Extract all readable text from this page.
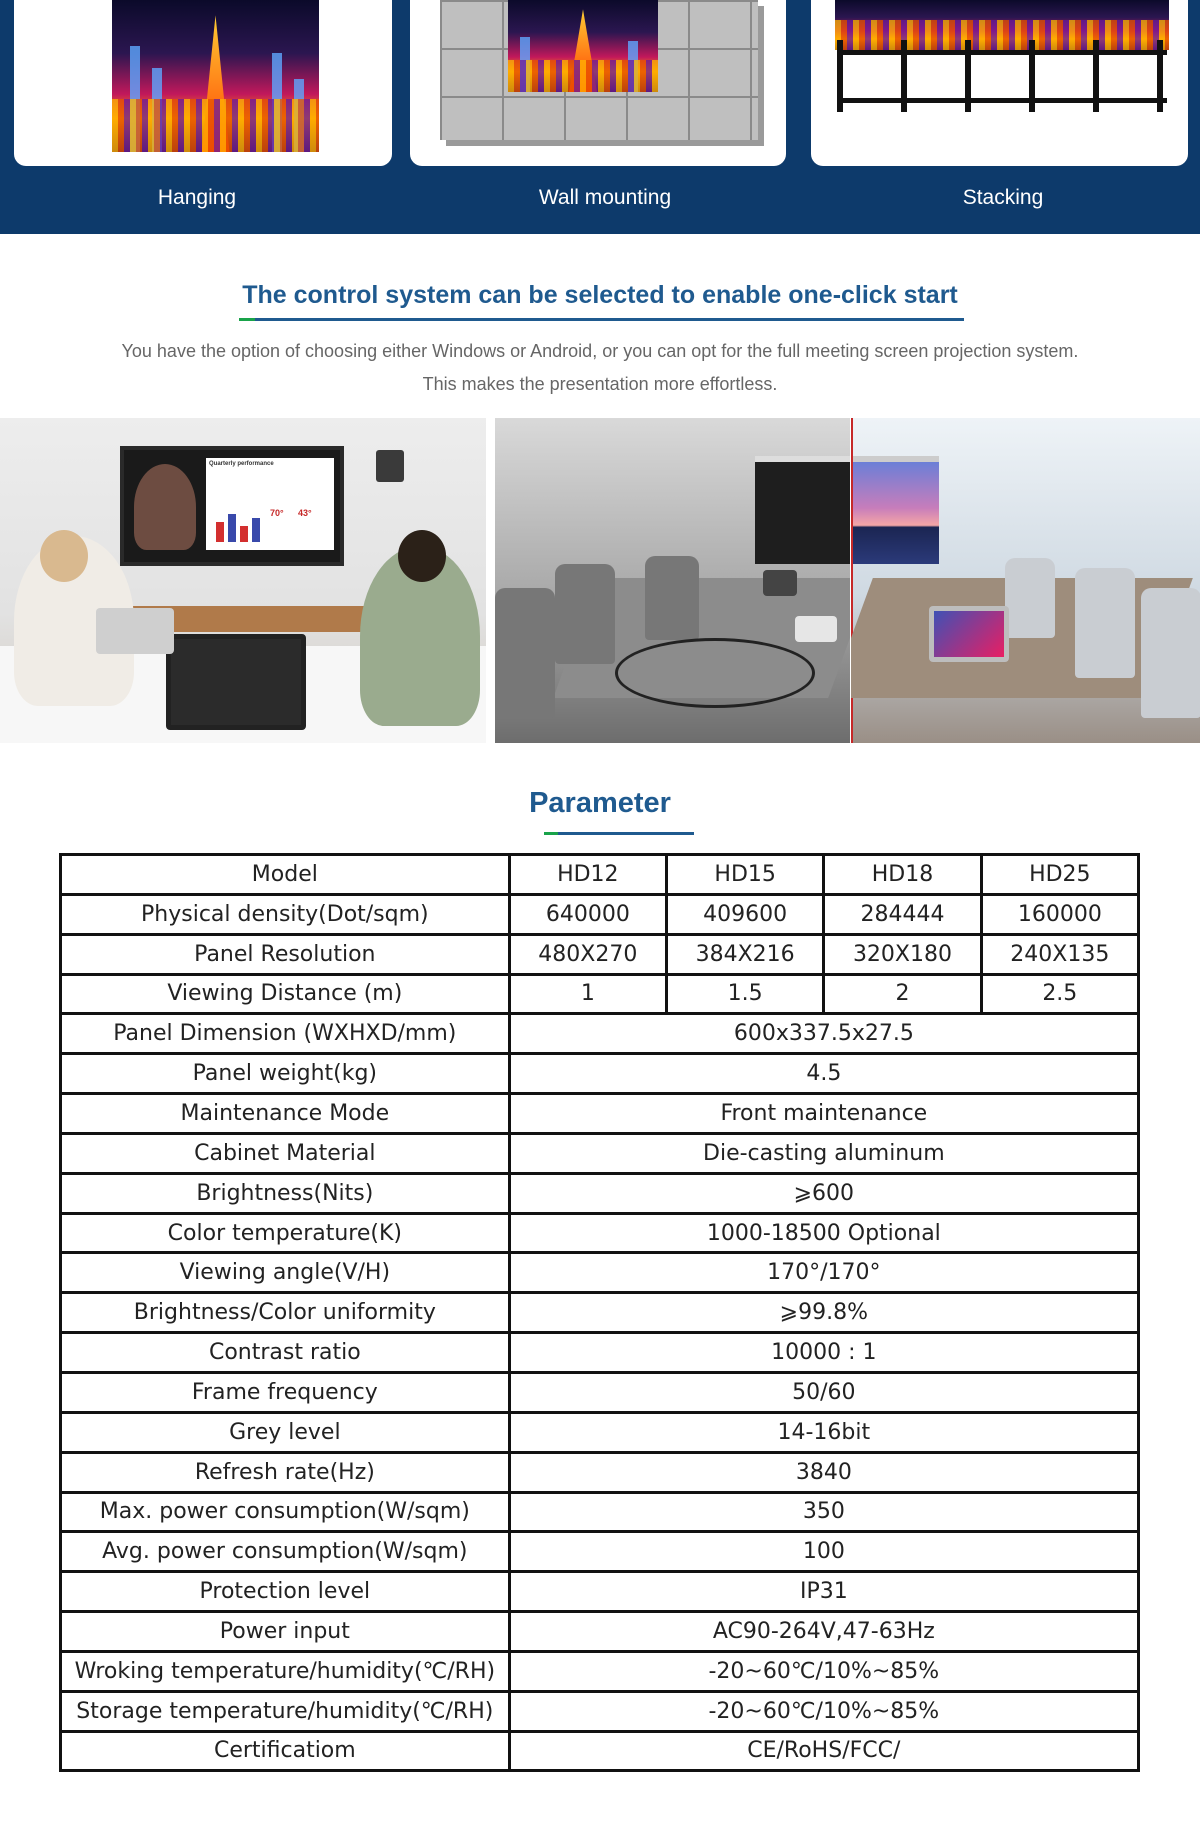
Hanging	Wall mounting	Stacking
The control system can be selected to enable one-click start

You have the option of choosing either Windows or Android, or you can opt for the full meeting screen projection system.

This makes the presentation more effortless.

Quarterly performance
70° 43°
Parameter
Model	HD12	HD15	HD18	HD25
Physical density(Dot/sqm)	640000	409600	284444	160000
Panel Resolution	480X270	384X216	320X180	240X135
Viewing Distance (m)	1	1.5	2	2.5
Panel Dimension (WXHXD/mm)	600x337.5x27.5			
Panel weight(kg)	4.5			
Maintenance Mode	Front maintenance			
Cabinet Material	Die-casting aluminum			
Brightness(Nits)	⩾600			
Color temperature(K)	1000-18500 Optional			
Viewing angle(V/H)	170°/170°			
Brightness/Color uniformity	⩾99.8%			
Contrast ratio	10000 : 1			
Frame frequency	50/60			
Grey level	14-16bit			
Refresh rate(Hz)	3840			
Max. power consumption(W/sqm)	350			
Avg. power consumption(W/sqm)	100			
Protection level	IP31			
Power input	AC90-264V,47-63Hz			
Wroking temperature/humidity(℃/RH)	-20~60℃/10%~85%			
Storage temperature/humidity(℃/RH)	-20~60℃/10%~85%			
Certificatiom	CE/RoHS/FCC/			
